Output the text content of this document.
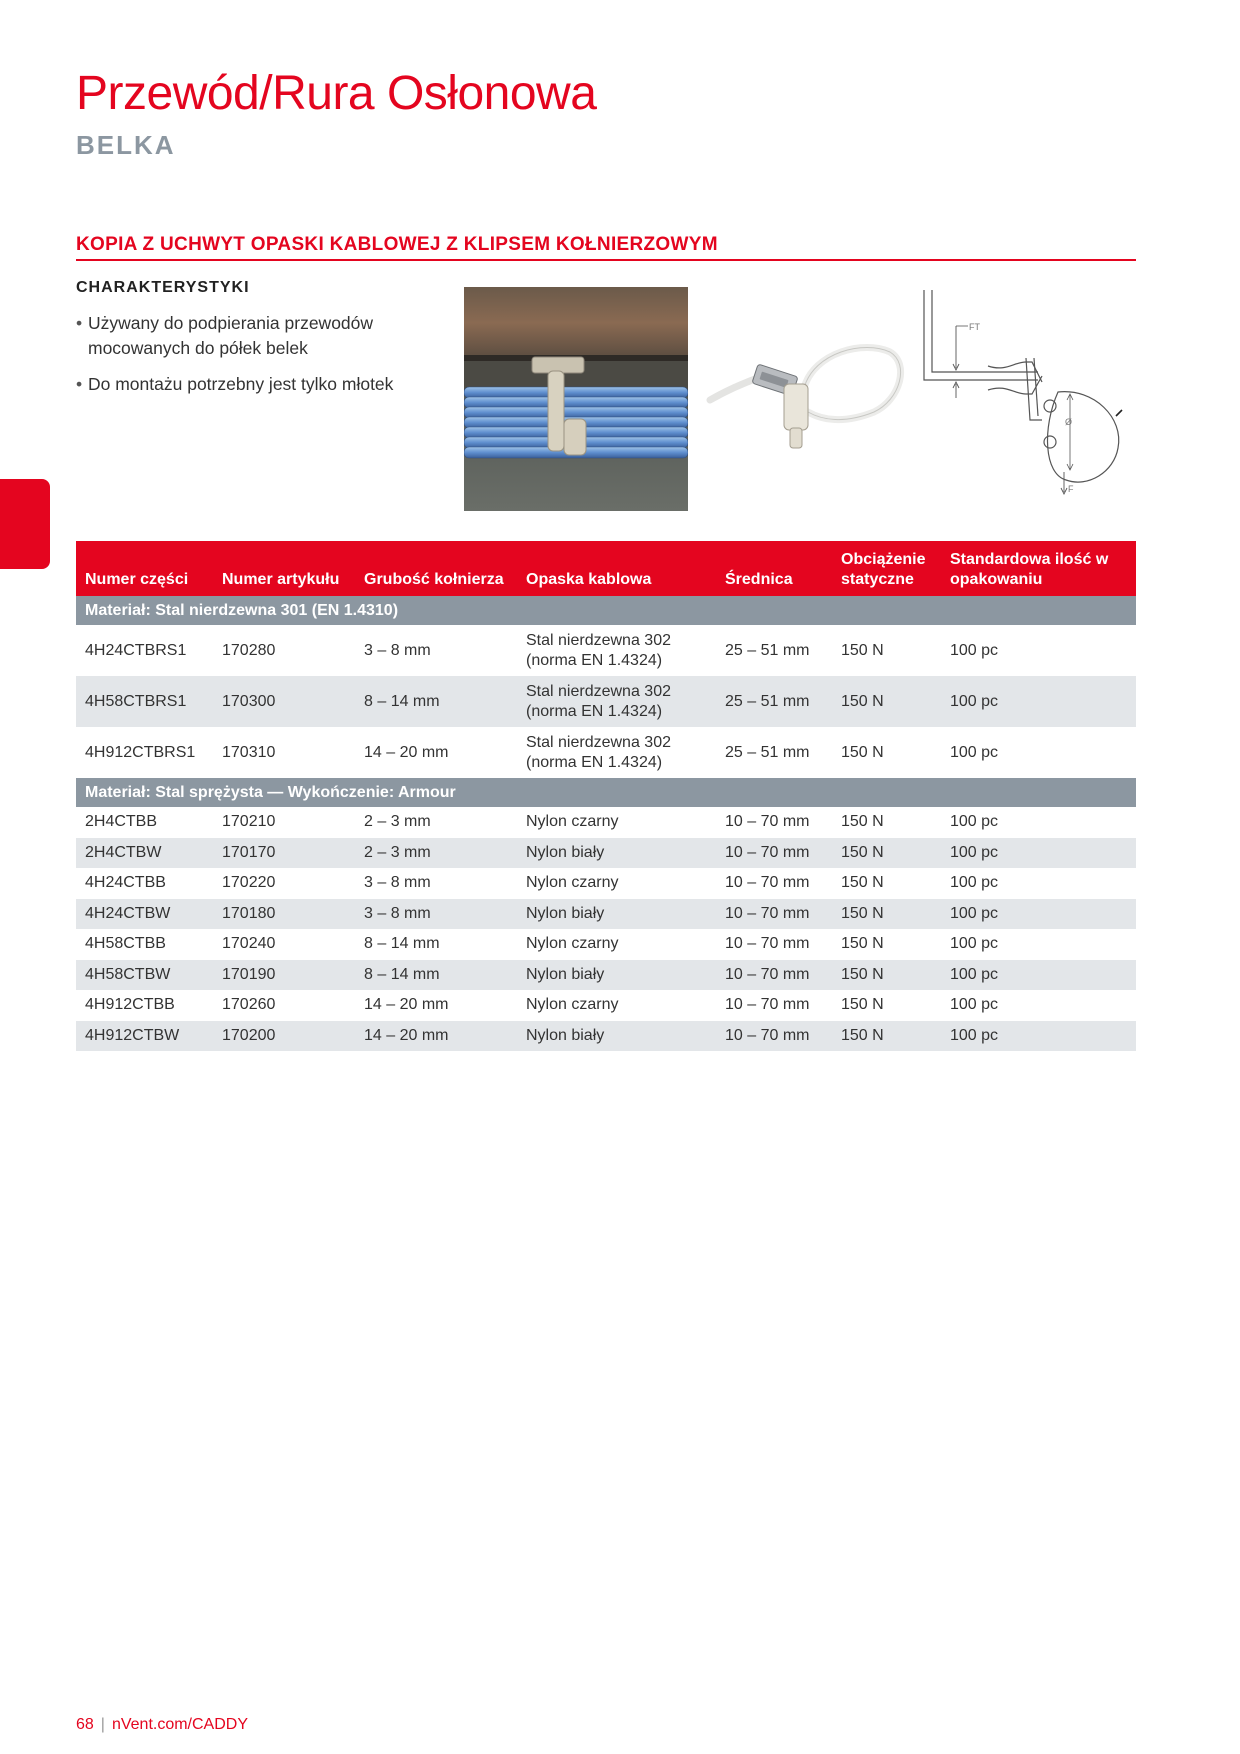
Przewód/Rura Osłonowa
BELKA
KOPIA Z UCHWYT OPASKI KABLOWEJ Z KLIPSEM KOŁNIERZOWYM
CHARAKTERYSTYKI
• Używany do podpierania przewodów mocowanych do półek belek
• Do montażu potrzebny jest tylko młotek
FT
Ø
F
Numer części	Numer artykułu	Grubość kołnierza	Opaska kablowa	Średnica	Obciążenie statyczne	Standardowa ilość w opakowaniu
Materiał: Stal nierdzewna 301 (EN 1.4310)						
4H24CTBRS1	170280	3 – 8 mm	Stal nierdzewna 302 (norma EN 1.4324)	25 – 51 mm	150 N	100 pc
4H58CTBRS1	170300	8 – 14 mm	Stal nierdzewna 302 (norma EN 1.4324)	25 – 51 mm	150 N	100 pc
4H912CTBRS1	170310	14 – 20 mm	Stal nierdzewna 302 (norma EN 1.4324)	25 – 51 mm	150 N	100 pc
Materiał: Stal sprężysta — Wykończenie: Armour						
2H4CTBB	170210	2 – 3 mm	Nylon czarny	10 – 70 mm	150 N	100 pc
2H4CTBW	170170	2 – 3 mm	Nylon biały	10 – 70 mm	150 N	100 pc
4H24CTBB	170220	3 – 8 mm	Nylon czarny	10 – 70 mm	150 N	100 pc
4H24CTBW	170180	3 – 8 mm	Nylon biały	10 – 70 mm	150 N	100 pc
4H58CTBB	170240	8 – 14 mm	Nylon czarny	10 – 70 mm	150 N	100 pc
4H58CTBW	170190	8 – 14 mm	Nylon biały	10 – 70 mm	150 N	100 pc
4H912CTBB	170260	14 – 20 mm	Nylon czarny	10 – 70 mm	150 N	100 pc
4H912CTBW	170200	14 – 20 mm	Nylon biały	10 – 70 mm	150 N	100 pc
68 | nVent.com/CADDY
